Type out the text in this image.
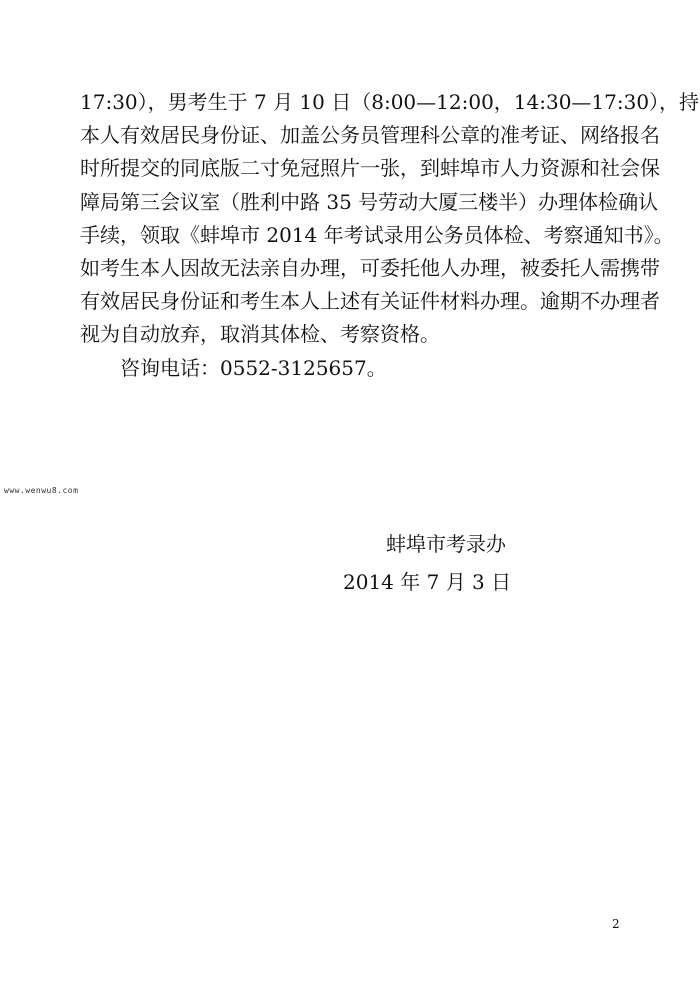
17:30），男考生于 7 月 10 日（8:00—12:00，14:30—17:30），持
本人有效居民身份证、加盖公务员管理科公章的准考证、网络报名
时所提交的同底版二寸免冠照片一张，到蚌埠市人力资源和社会保
障局第三会议室（胜利中路 35 号劳动大厦三楼半）办理体检确认
手续，领取《蚌埠市 2014 年考试录用公务员体检、考察通知书》。
如考生本人因故无法亲自办理，可委托他人办理，被委托人需携带
有效居民身份证和考生本人上述有关证件材料办理。逾期不办理者
视为自动放弃，取消其体检、考察资格。
咨询电话：0552-3125657。
www.wenwu8.com
蚌埠市考录办
2014 年 7 月 3 日
2
